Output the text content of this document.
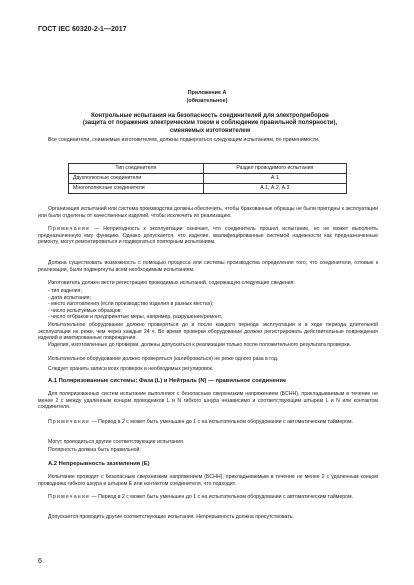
ГОСТ IEC 60320-2-1—2017
Приложение А
(обязательное)
Контрольные испытания на безопасность соединителей для электроприборов
(защита от поражения электрическим током и соблюдение правильной полярности),
сменяемых изготовителем
Все соединители, снимаемые изготовителем, должны подвергаться следующим испытаниям, по применимости.
Тип соединителя	Раздел проводимого испытания
Двухполюсные соединители	А.1
Многополюсные соединители	А.1, А.2, А.3
Организация испытаний или система производства должны обеспечить, чтобы бракованные образцы не были пригодны к эксплуатации или были отделены от качественных изделий, чтобы исключить их реализацию.
Примечание — Непригодность к эксплуатации означает, что соединитель прошел испытание, но не может выполнять предназначенную ему функцию. Однако допускается, что изделие, квалифицированные системой надежности как предназначенные ремонту, могут ремонтироваться и подвергаться повторным испытаниям.
Должна существовать возможность с помощью процесса или системы производства определения того, что соединители, готовые к реализации, были подвергнуты всем необходимым испытаниям.
Изготовитель должен вести регистрацию проводимых испытаний, содержащую следующие сведения:
- тип изделия;
- дата испытания;
- место изготовления (если производство изделия в разных местах);
- число испытуемых образцов;
- число отбраков и предпринятые меры, например, разрушение/ремонт.
Испытательное оборудование должно проверяться до и после каждого периода эксплуатации и в ходе периода длительной эксплуатации не реже, чем через каждые 24 ч. Во время проверки оборудование должно регистрировать действительные повреждения изделий и имитированные повреждения.
Изделия, изготовленные до проверки, должны допускаться к реализации только после положительного результата проверки.
Испытательное оборудование должно проверяться (калиброваться) не реже одного раза в год.
Следует хранить записи всех проверок и необходимых регулировок.
А.1 Поляризованные системы; Фаза (L) и Нейтраль (N) — правильное соединение
Для поляризованных систем испытание выполняют с безопасным сверхнизким напряжением (БСНН), прикладываемым в течение не менее 2 с между удаленным концом проводников L и N гибкого шнура независимо и соответствующим штырем L и N или контактом соединителя.
Примечание — Период в 2 с может быть уменьшен до 1 с на испытательном оборудовании с автоматическим таймером.
Могут проводиться другие соответствующие испытания.
Полярность должна быть правильной.
А.2 Непрерывность заземления (Е)
Испытание проводят с безопасным сверхнизким напряжением (БСНН), прикладываемым в течение не менее 2 с удаленным концом проводника гибкого шнура и штырем Е или контактом соединителя, что подходит.
Примечание — Период в 2 с может быть уменьшен до 1 с на испытательном оборудовании с автоматическим таймером.
Допускается проводить другие соответствующие испытания. Непрерывность должна присутствовать.
6
